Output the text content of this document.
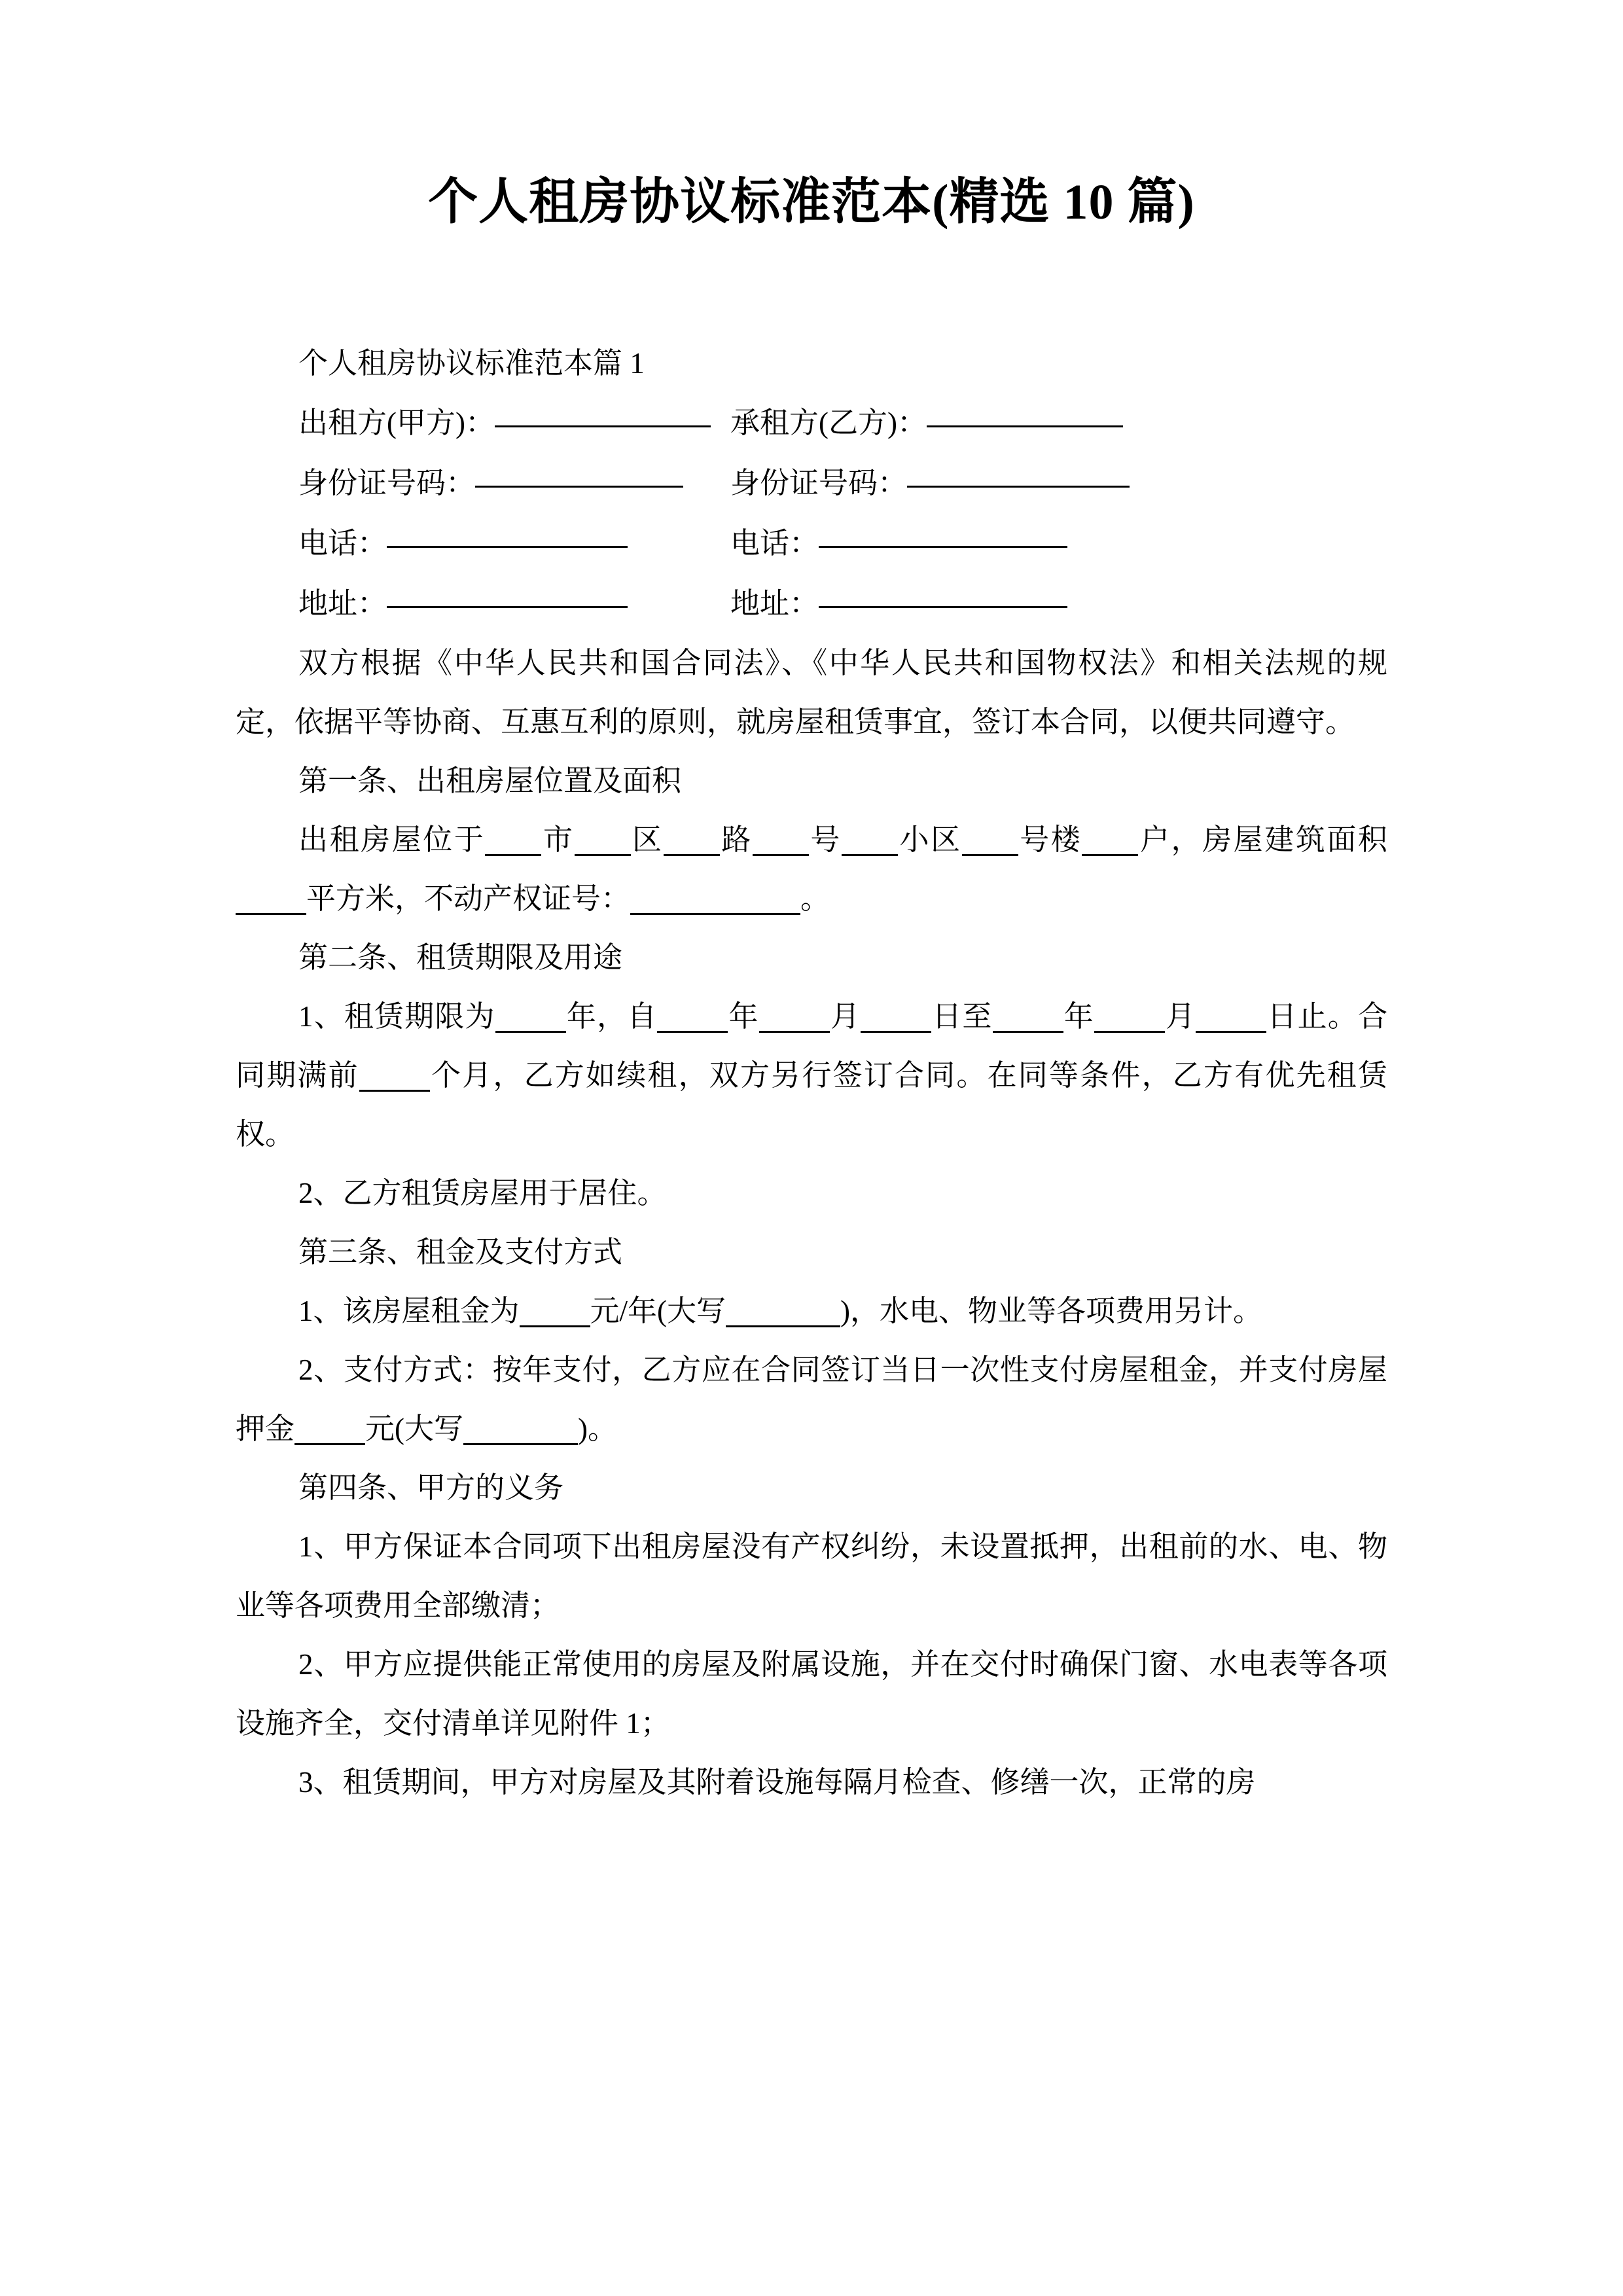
个人租房协议标准范本(精选 10 篇)

个人租房协议标准范本篇 1

出租方(甲方)：	承租方(乙方)：
身份证号码：	身份证号码：
电话：	电话：
地址：	地址：

双方根据《中华人民共和国合同法》、《中华人民共和国物权法》和相关法规的规定，依据平等协商、互惠互利的原则，就房屋租赁事宜，签订本合同，以便共同遵守。

第一条、出租房屋位置及面积

出租房屋位于 市 区 路 号 小区 号楼 户，房屋建筑面积平方米，不动产权证号：	。

第二条、租赁期限及用途

1、租赁期限为 年，自 年 月 日至 年 月 日止。合同期满前 个月，乙方如续租，双方另行签订合同。在同等条件，乙方有优先租赁权。

2、乙方租赁房屋用于居住。

第三条、租金及支付方式

1、该房屋租金为 元/年(大写	)，水电、物业等各项费用另计。

2、支付方式：按年支付，乙方应在合同签订当日一次性支付房屋租金，并支付房屋押金 元(大写	)。

第四条、甲方的义务

1、甲方保证本合同项下出租房屋没有产权纠纷，未设置抵押，出租前的水、电、物业等各项费用全部缴清；

2、甲方应提供能正常使用的房屋及附属设施，并在交付时确保门窗、水电表等各项设施齐全，交付清单详见附件 1；

3、租赁期间，甲方对房屋及其附着设施每隔月检查、修缮一次，正常的房
